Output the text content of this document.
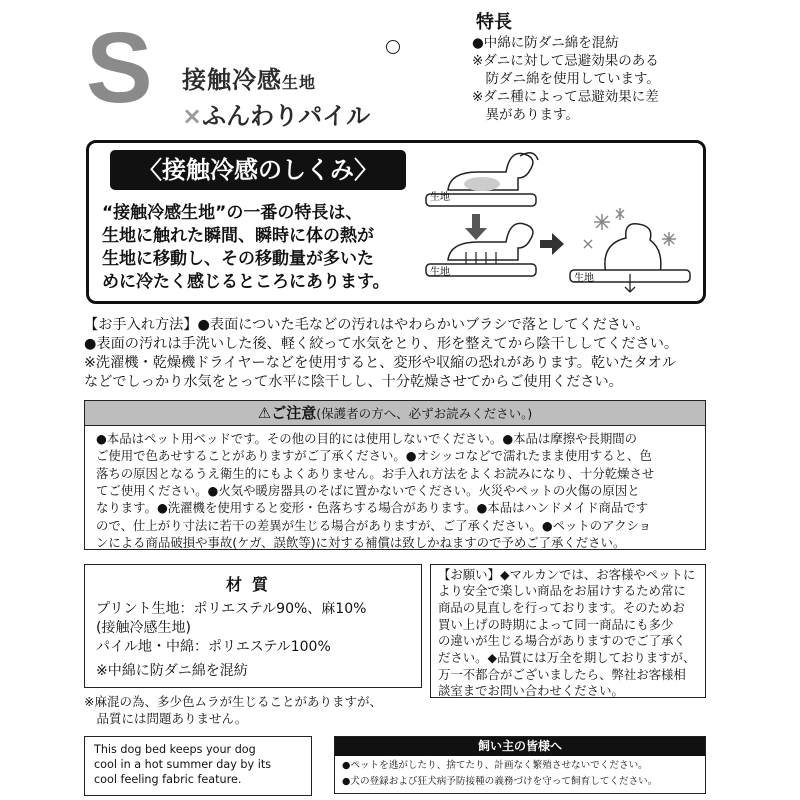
S 接触冷感生地
×ふんわりパイル
特長
●中綿に防ダニ綿を混紡
※ダニに対して忌避効果のある
　防ダニ綿を使用しています。
※ダニ種によって忌避効果に差
　異があります。
〈接触冷感のしくみ〉
“接触冷感生地”の一番の特長は、
生地に触れた瞬間、瞬時に体の熱が
生地に移動し、その移動量が多いた
めに冷たく感じるところにあります。
生地
生地
生地
【お手入れ方法】●表面についた毛などの汚れはやわらかいブラシで落としてください。
●表面の汚れは手洗いした後、軽く絞って水気をとり、形を整えてから陰干ししてください。
※洗濯機・乾燥機ドライヤーなどを使用すると、変形や収縮の恐れがあります。乾いたタオル
などでしっかり水気をとって水平に陰干しし、十分乾燥させてからご使用ください。
⚠ご注意(保護者の方へ、必ずお読みください。)
●本品はペット用ベッドです。その他の目的には使用しないでください。●本品は摩擦や長期間の
ご使用で色あせすることがありますがご了承ください。●オシッコなどで濡れたまま使用すると、色
落ちの原因となるうえ衛生的にもよくありません。お手入れ方法をよくお読みになり、十分乾燥させ
てご使用ください。●火気や暖房器具のそばに置かないでください。火災やペットの火傷の原因と
なります。●洗濯機を使用すると変形・色落ちする場合があります。●本品はハンドメイド商品です
ので、仕上がり寸法に若干の差異が生じる場合がありますが、ご了承ください。●ペットのアクショ
ンによる商品破損や事故(ケガ、誤飲等)に対する補償は致しかねますので予めご了承ください。
材質
プリント生地：ポリエステル90%、麻10%
(接触冷感生地)
パイル地・中綿：ポリエステル100%
※中綿に防ダニ綿を混紡
※麻混の為、多少色ムラが生じることがありますが、
　品質には問題ありません。
【お願い】◆マルカンでは、お客様やペットに
より安全で楽しい商品をお届けするため常に
商品の見直しを行っております。そのためお
買い上げの時期によって同一商品にも多少
の違いが生じる場合がありますのでご了承く
ださい。◆品質には万全を期しておりますが、
万一不都合がございましたら、弊社お客様相
談室までお問い合わせください。
This dog bed keeps your dog
cool in a hot summer day by its
cool feeling fabric feature.
飼い主の皆様へ
●ペットを逃がしたり、捨てたり、計画なく繁殖させないでください。
●犬の登録および狂犬病予防接種の義務づけを守って飼育してください。
